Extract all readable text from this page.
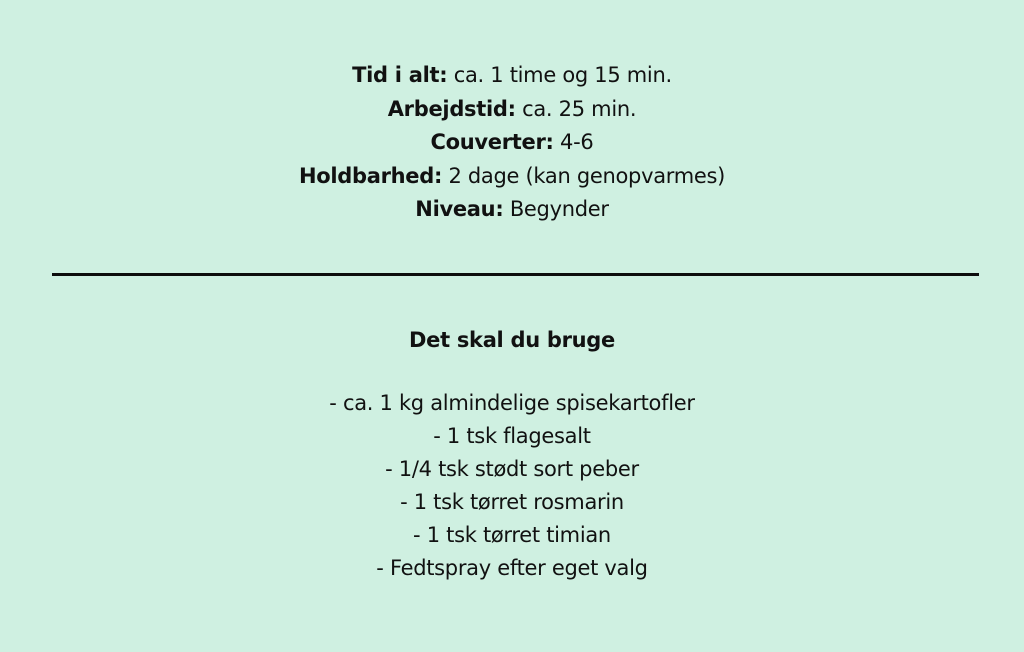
Tid i alt: ca. 1 time og 15 min.
Arbejdstid: ca. 25 min.
Couverter: 4-6
Holdbarhed: 2 dage (kan genopvarmes)
Niveau: Begynder
Det skal du bruge
- ca. 1 kg almindelige spisekartofler
- 1 tsk flagesalt
- 1/4 tsk stødt sort peber
- 1 tsk tørret rosmarin
- 1 tsk tørret timian
- Fedtspray efter eget valg
